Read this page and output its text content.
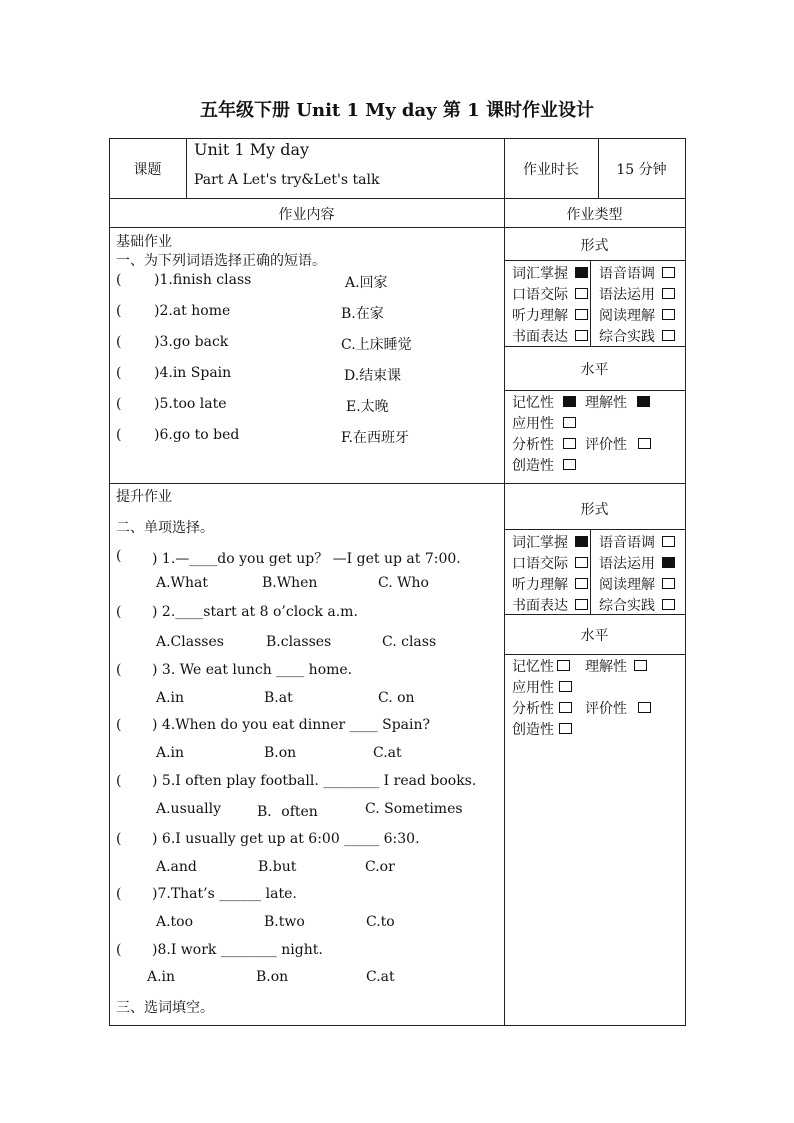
五年级下册 Unit 1 My day 第 1 课时作业设计
课题
Unit 1 My day
Part A Let's try&Let's talk
作业时长	15 分钟
作业内容	作业类型
基础作业
一、为下列词语选择正确的短语。
( )1.finish class	A.回家
( )2.at home	B.在家
( )3.go back	C.上床睡觉
( )4.in Spain	D.结束课
( )5.too late	E.太晚
( )6.go to bed	F.在西班牙
提升作业
二、单项选择。
( ) 1.—____do you get up？ —I get up at 7:00.
A.What	B.When	C. Who
( ) 2.____start at 8 o’clock a.m.
A.Classes	B.classes	C. class
( ) 3. We eat lunch ____ home.
A.in	B.at	C. on
( ) 4.When do you eat dinner ____ Spain?
A.in	B.on	C.at
( ) 5.I often play football. ________ I read books.
A.usually	B．often	C. Sometimes
( ) 6.I usually get up at 6:00 _____ 6:30.
A.and	B.but	C.or
( )7.That’s ______ late.
A.too	B.two	C.to
( )8.I work ________ night.
A.in	B.on	C.at
三、选词填空。
形式
水平
形式
水平
词汇掌握 语音语调
口语交际 语法运用
听力理解 阅读理解
书面表达 综合实践
词汇掌握 语音语调
口语交际 语法运用
听力理解 阅读理解
书面表达 综合实践
记忆性 理解性
应用性
分析性 评价性
创造性
记忆性 理解性
应用性
分析性 评价性
创造性
